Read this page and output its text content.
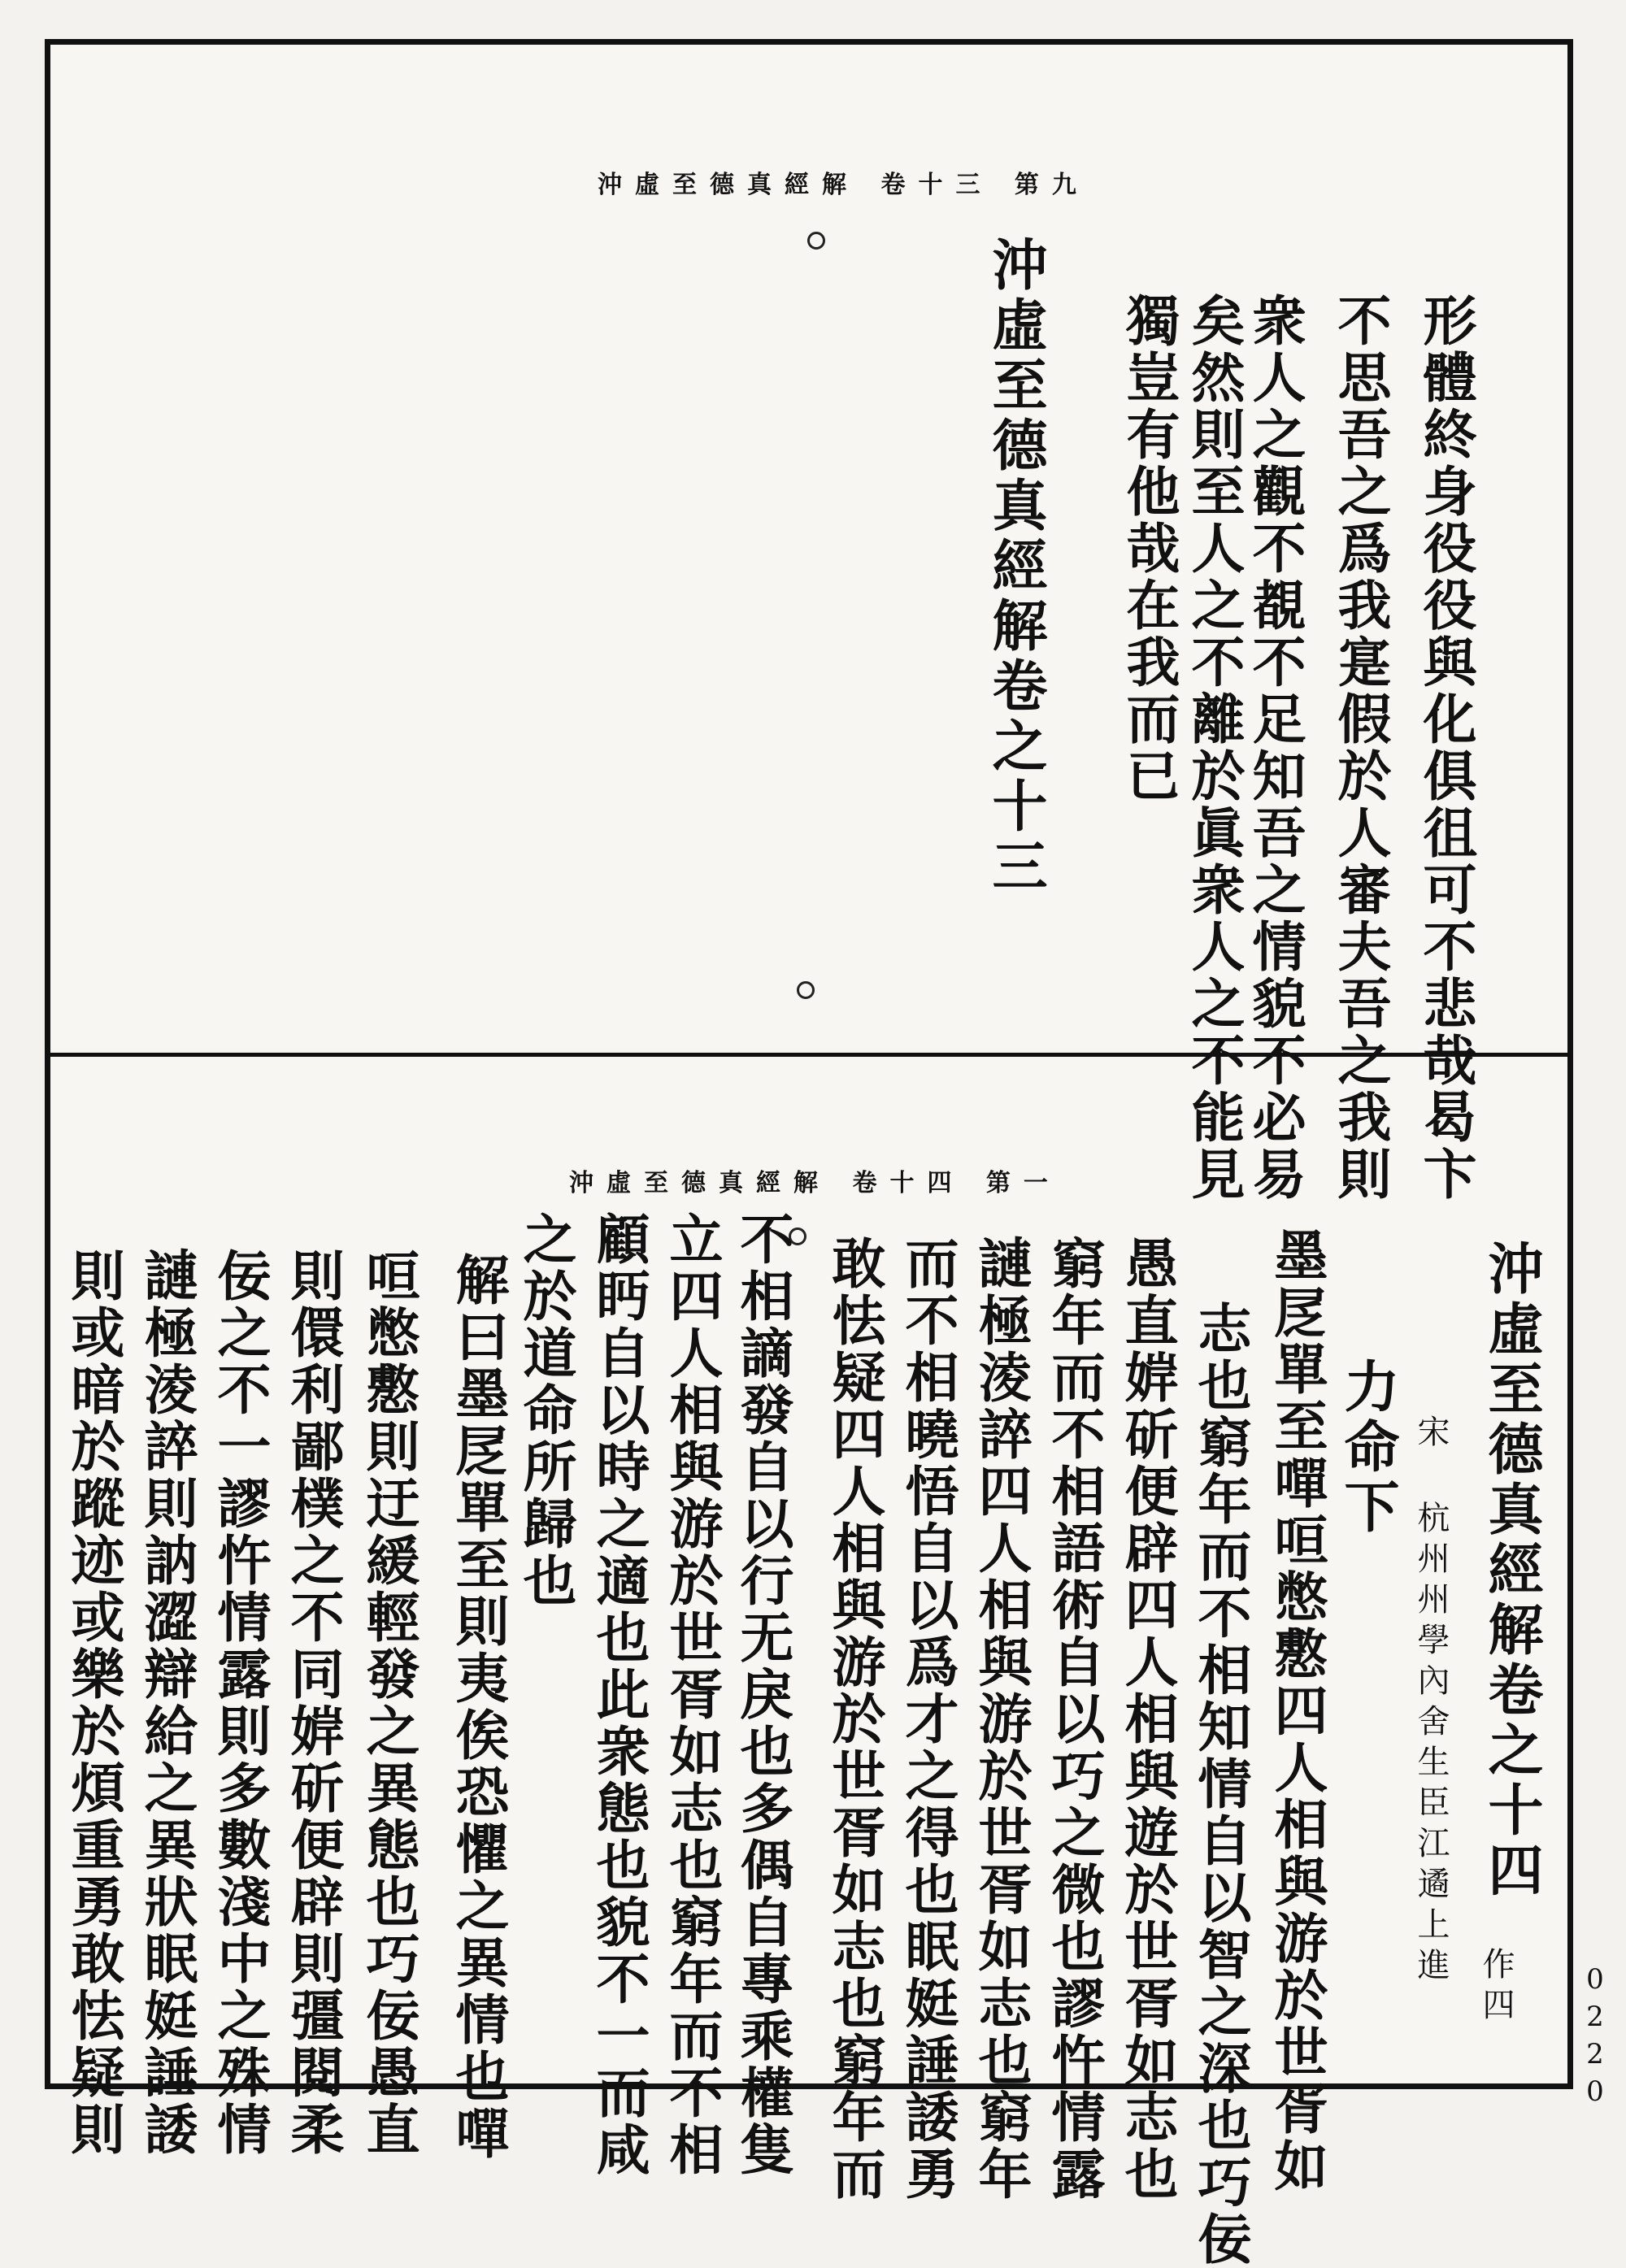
沖虛至德真經解 卷十三 第九
沖虛至德真經解卷之十三	形體終身役役與化俱徂可不悲哉曷卞
不思吾之爲我寔假於人審夫吾之我則
衆人之觀不覩不足知吾之情貌不必易
矣然則至人之不離於眞衆人之不能見
沖虛至德真經解 卷十四 第一
沖虛至德真經解卷之十四
宋 杭州州學內舍生臣江遹上進 作四
力命下
墨㞏單至嘽咺憋懯四人相與游於世胥如
志也窮年而不相知情自以智之深也巧佞
愚直婩斫便辟四人相與遊於世胥如志也
窮年而不相語術自以巧之微也謬忤情露
謰極淩誶四人相與游於世胥如志也窮年
而不相曉悟自以爲才之得也眠娗諈諉勇
敢怯疑四人相與游於世胥如志也窮年而
不相謫發自以行无戾也多偶自專乘權隻
立四人相與游於世胥如志也窮年而不相
顧眄自以時之適也此衆態也貌不一而咸
之於道命所歸也
解曰墨㞏單至則夷俟恐懼之異情也嘽
咺憋懯則迂緩輕發之異態也巧佞愚直
則儇利鄙樸之不同婩斫便辟則彊閱柔
佞之不一謬忤情露則多數淺中之殊情
謰極淩誶則訥澀辯給之異狀眠娗諈諉
則或暗於蹤迹或樂於煩重勇敢怯疑則	0220
獨豈有他哉在我而已
